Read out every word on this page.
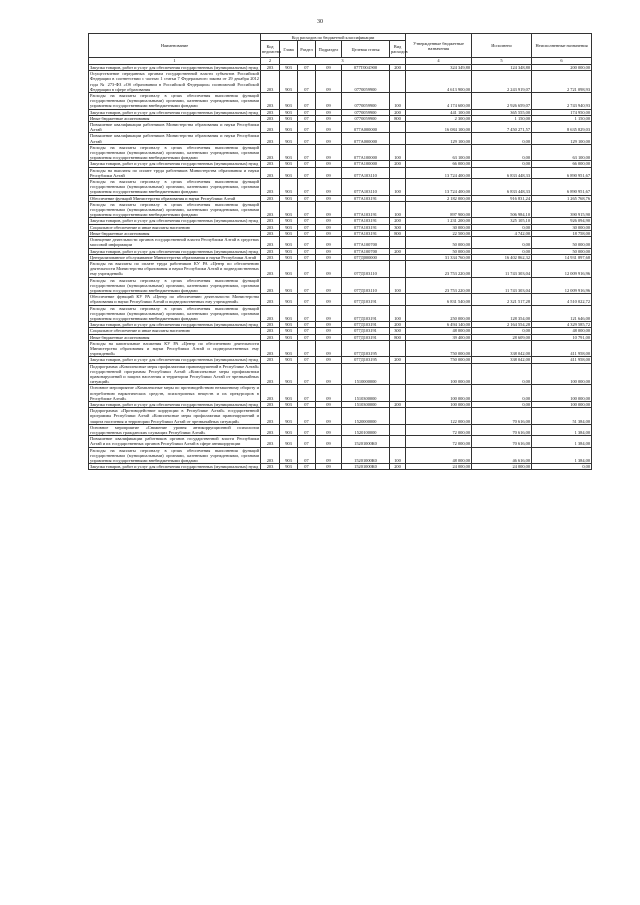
30
Наименование	Код расходов по бюджетной классификации						Утвержденные бюджетные назначения	Исполнено	Неисполненные назначения
	Код ведомства	Глава	Раздел	Подраздел	Целевая статья	Вид расходов			
1	2	3					4	5	6
Закупка товаров, работ и услуг для обеспечения государственных (муниципальных) нужд	203	903	07	09	077Т004Э00	200	324 349,80	124 348,80	200 000,00
Осуществление переданных органам государственной власти субъектов Российской Федерации в соответствии с частью 1 статьи 7 Федерального закона от 29 декабря 2012 года № 273-ФЗ «Об образовании в Российской Федерации» полномочий Российской Федерации в сфере образования	203	903	07	09	0770059900		4 613 900,00	2 243 919,07	2 721 098,93
Расходы на выплаты персоналу в целях обеспечения выполнения функций государственными (муниципальными) органами, казенными учреждениями, органами управления государственными внебюджетными фондами	203	903	07	09	0770059900	100	4 174 600,00	2 926 659,07	2 743 940,93
Закупка товаров, работ и услуг для обеспечения государственных (муниципальных) нужд	203	903	07	09	0770059900	200	441 100,00	365 555,00	174 950,00
Иные бюджетные ассигнования	203	903	07	09	0770059900	800	2 300,00	1 150,00	1 150,00
Повышение квалификации работников Министерства образования и науки Республики Алтай	203	903	07	09	077А000000		16 084 100,00	7 450 271,57	8 635 829,03
Повышение квалификации работников Министерства образования и науки Республики Алтай	203	903	07	09	077А000000		129 100,00	0,00	129 100,00
Расходы на выплаты персоналу в целях обеспечения выполнения функций государственными (муниципальными) органами, казенными учреждениями, органами управления государственными внебюджетными фондами	203	903	07	09	077А100000	100	63 100,00	0,00	63 100,00
Закупка товаров, работ и услуг для обеспечения государственных (муниципальных) нужд	203	903	07	09	077А100000	200	66 000,00	0,00	66 000,00
Расходы на выплаты по оплате труда работников Министерства образования и науки Республики Алтай	203	903	07	09	077А103110		13 724 400,00	6 833 448,33	6 890 951,67
Расходы на выплаты персоналу в целях обеспечения выполнения функций государственными (муниципальными) органами, казенными учреждениями, органами управления государственными внебюджетными фондами	203	903	07	09	077А103110	100	13 724 400,00	6 833 448,33	6 890 951,67
Обеспечение функций Министерства образования и науки Республики Алтай	203	903	07	09	077А103191		2 182 000,00	916 831,24	1 265 768,76
Расходы на выплаты персоналу в целях обеспечения выполнения функций государственными (муниципальными) органами, казенными учреждениями, органами управления государственными внебюджетными фондами	203	903	07	09	077А103191	100	897 900,00	506 984,10	390 915,90
Закупка товаров, работ и услуг для обеспечения государственных (муниципальных) нужд	203	903	07	09	077А103191	200	1 231 200,00	325 105,10	926 094,90
Социальное обеспечение и иные выплаты населению	203	903	07	09	077А103191	300	30 000,00	0,00	30 000,00
Иные бюджетные ассигнования	203	903	07	09	077А103191	800	22 500,00	4 742,00	18 758,00
Освещение деятельности органов государственной власти Республики Алтай в средствах массовой информации	203	903	07	09	077А100700		50 000,00	0,00	50 000,00
Закупка товаров, работ и услуг для обеспечения государственных (муниципальных) нужд	203	903	07	09	077А100700	200	50 000,00	0,00	50 000,00
Централизованное обслуживание Министерства образования и науки Республики Алтай	203	903	07	09	077Д000000		31 334 760,00	16 402 862,32	14 931 897,68
Расходы на выплаты по оплате труда работников КУ РА «Центр по обеспечению деятельности Министерства образования и науки Республики Алтай и подведомственных ему учреждений»	203	903	07	09	077Д103110		23 753 220,00	11 743 303,04	12 009 916,96
Расходы на выплаты персоналу в целях обеспечения выполнения функций государственными (муниципальными) органами, казенными учреждениями, органами управления государственными внебюджетными фондами	203	903	07	09	077Д103110	100	23 753 220,00	11 743 303,04	12 009 916,96
Обеспечение функций КУ РА «Центр по обеспечению деятельности Министерства образования и науки Республики Алтай и подведомственных ему учреждений»	203	903	07	09	077Д103191		6 831 540,00	2 321 517,28	4 510 022,72
Расходы на выплаты персоналу в целях обеспечения выполнения функций государственными (муниципальными) органами, казенными учреждениями, органами управления государственными внебюджетными фондами	203	903	07	09	077Д103191	100	250 000,00	128 354,00	121 646,00
Закупка товаров, работ и услуг для обеспечения государственных (муниципальных) нужд	203	903	07	09	077Д103191	200	6 494 140,00	2 164 554,28	4 329 585,72
Социальное обеспечение и иные выплаты населению	203	903	07	09	077Д103191	300	48 000,00	0,00	48 000,00
Иные бюджетные ассигнования	203	903	07	09	077Д103191	800	39 400,00	28 609,00	10 791,00
Расходы на капитальные вложения КУ РА «Центр по обеспечению деятельности Министерства образования и науки Республики Алтай и подведомственных ему учреждений»	203	903	07	09	077Д103195		750 000,00	338 042,00	411 958,00
Закупка товаров, работ и услуг для обеспечения государственных (муниципальных) нужд	203	903	07	09	077Д103195	200	750 000,00	338 042,00	411 958,00
Подпрограмма «Комплексные меры профилактики правонарушений в Республике Алтай» государственной программы Республики Алтай «Комплексные меры профилактики правонарушений и защита населения и территории Республики Алтай от чрезвычайных ситуаций»	203	903	07	09	1510000000		100 000,00	0,00	100 000,00
Основное мероприятие «Комплексные меры по противодействию незаконному обороту и потреблению наркотических средств, психотропных веществ и их прекурсоров в Республике Алтай»	203	903	07	09	1510300000		100 000,00	0,00	100 000,00
Закупка товаров, работ и услуг для обеспечения государственных (муниципальных) нужд	203	903	07	09	1510300000	200	100 000,00	0,00	100 000,00
Подпрограмма «Противодействие коррупции в Республике Алтай» государственной программы Республики Алтай «Комплексные меры профилактики правонарушений и защита населения и территории Республики Алтай от чрезвычайных ситуаций»	203	903	07	09	1520000000		122 000,00	70 616,00	51 384,00
Основное мероприятие «Снижение уровня антикоррупционной психологии государственных гражданских служащих Республики Алтай»	203	903	07	09	1520100000		72 000,00	70 616,00	1 384,00
Повышение квалификации работников органов государственной власти Республики Алтай и их государственных органов Республики Алтай в сфере антикоррупции	203	903	07	09	15201000К0		72 000,00	70 616,00	1 384,00
Расходы на выплаты персоналу в целях обеспечения выполнения функций государственными (муниципальными) органами, казенными учреждениями, органами управления государственными внебюджетными фондами	203	903	07	09	15201000К0	100	48 000,00	46 616,00	1 384,00
Закупка товаров, работ и услуг для обеспечения государственных (муниципальных) нужд	203	903	07	09	15201000К0	200	24 000,00	24 000,00	0,00
